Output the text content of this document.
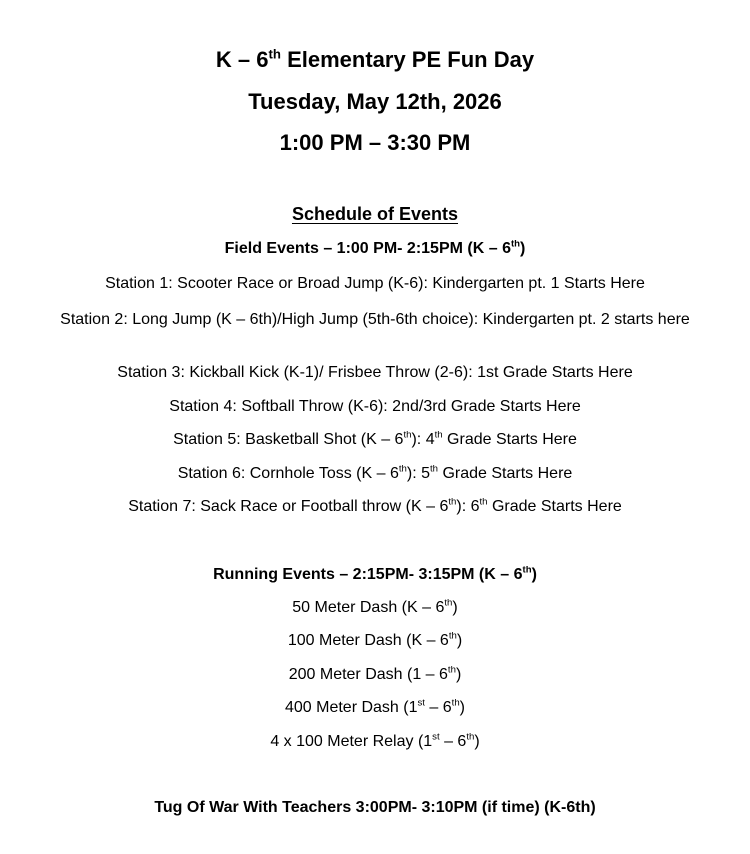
K – 6th Elementary PE Fun Day
Tuesday, May 12th, 2026
1:00 PM – 3:30 PM
Schedule of Events
Field Events – 1:00 PM- 2:15PM (K – 6th)
Station 1: Scooter Race or Broad Jump (K-6): Kindergarten pt. 1 Starts Here
Station 2: Long Jump (K – 6th)/High Jump (5th-6th choice): Kindergarten pt. 2 starts here
Station 3: Kickball Kick (K-1)/ Frisbee Throw (2-6): 1st Grade Starts Here
Station 4: Softball Throw (K-6): 2nd/3rd Grade Starts Here
Station 5: Basketball Shot (K – 6th): 4th Grade Starts Here
Station 6: Cornhole Toss (K – 6th): 5th Grade Starts Here
Station 7: Sack Race or Football throw (K – 6th): 6th Grade Starts Here
Running Events – 2:15PM- 3:15PM (K – 6th)
50 Meter Dash (K – 6th)
100 Meter Dash (K – 6th)
200 Meter Dash (1 – 6th)
400 Meter Dash (1st – 6th)
4 x 100 Meter Relay (1st – 6th)
Tug Of War With Teachers 3:00PM- 3:10PM (if time) (K-6th)
